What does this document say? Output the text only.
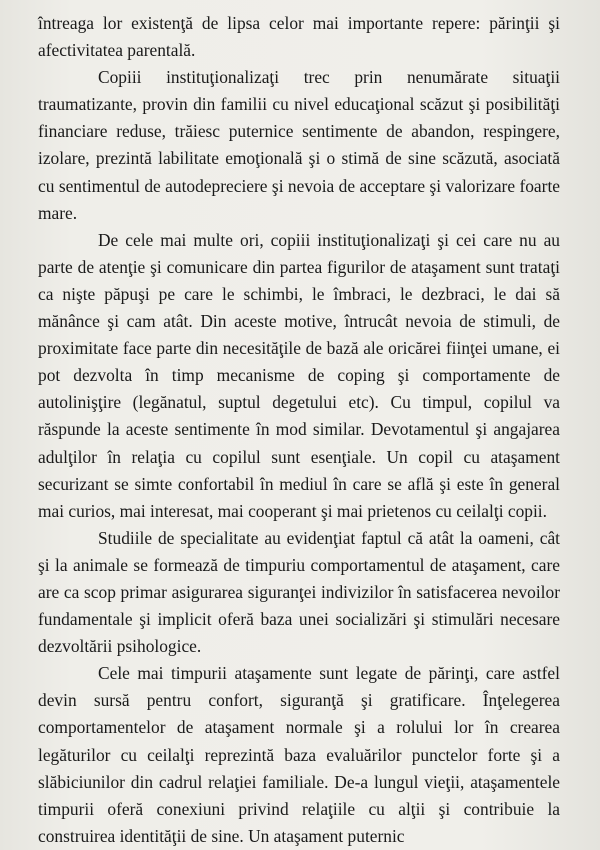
întreaga lor existenţă de lipsa celor mai importante repere: părinţii şi afectivitatea parentală.

Copiii instituţionalizaţi trec prin nenumărate situaţii traumatizante, provin din familii cu nivel educaţional scăzut şi posibilităţi financiare reduse, trăiesc puternice sentimente de abandon, respingere, izolare, prezintă labilitate emoţională şi o stimă de sine scăzută, asociată cu sentimentul de autodepreciere şi nevoia de acceptare şi valorizare foarte mare.

De cele mai multe ori, copiii instituţionalizaţi şi cei care nu au parte de atenţie şi comunicare din partea figurilor de ataşament sunt trataţi ca nişte păpuşi pe care le schimbi, le îmbraci, le dezbraci, le dai să mănânce şi cam atât. Din aceste motive, întrucât nevoia de stimuli, de proximitate face parte din necesităţile de bază ale oricărei fiinţei umane, ei pot dezvolta în timp mecanisme de coping şi comportamente de autolinişţire (legănatul, suptul degetului etc). Cu timpul, copilul va răspunde la aceste sentimente în mod similar. Devotamentul şi angajarea adulţilor în relaţia cu copilul sunt esenţiale. Un copil cu ataşament securizant se simte confortabil în mediul în care se află şi este în general mai curios, mai interesat, mai cooperant şi mai prietenos cu ceilalţi copii.

Studiile de specialitate au evidenţiat faptul că atât la oameni, cât şi la animale se formează de timpuriu comportamentul de ataşament, care are ca scop primar asigurarea siguranţei indivizilor în satisfacerea nevoilor fundamentale şi implicit oferă baza unei socializări şi stimulări necesare dezvoltării psihologice.

Cele mai timpurii ataşamente sunt legate de părinţi, care astfel devin sursă pentru confort, siguranţă şi gratificare. Înţelegerea comportamentelor de ataşament normale şi a rolului lor în crearea legăturilor cu ceilalţi reprezintă baza evaluărilor punctelor forte şi a slăbiciunilor din cadrul relaţiei familiale. De-a lungul vieţii, ataşamentele timpurii oferă conexiuni privind relaţiile cu alţii şi contribuie la construirea identităţii de sine. Un ataşament puternic
